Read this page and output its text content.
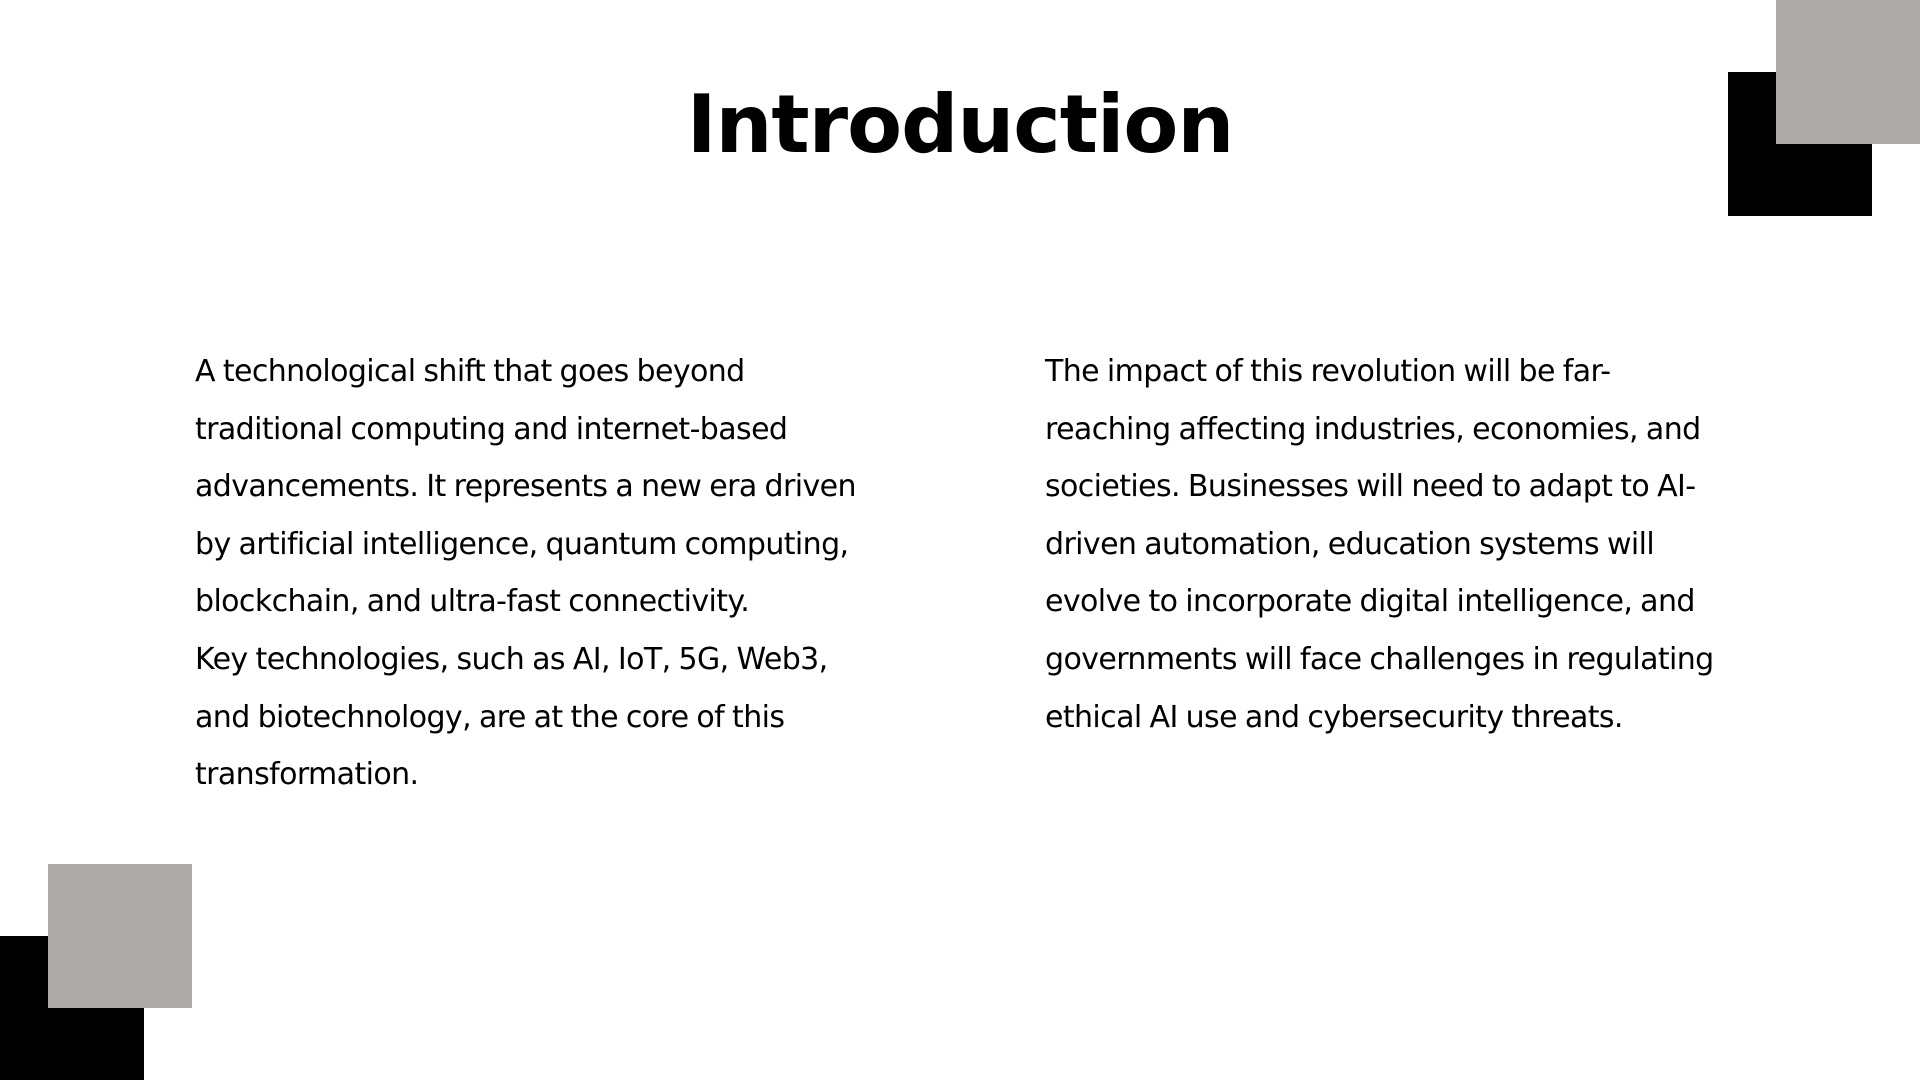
Introduction

A technological shift that goes beyond traditional computing and internet-based advancements. It represents a new era driven by artificial intelligence, quantum computing, blockchain, and ultra-fast connectivity.

Key technologies, such as AI, IoT, 5G, Web3, and biotechnology, are at the core of this transformation.

The impact of this revolution will be far-reaching affecting industries, economies, and societies. Businesses will need to adapt to AI-driven automation, education systems will evolve to incorporate digital intelligence, and governments will face challenges in regulating ethical AI use and cybersecurity threats.
